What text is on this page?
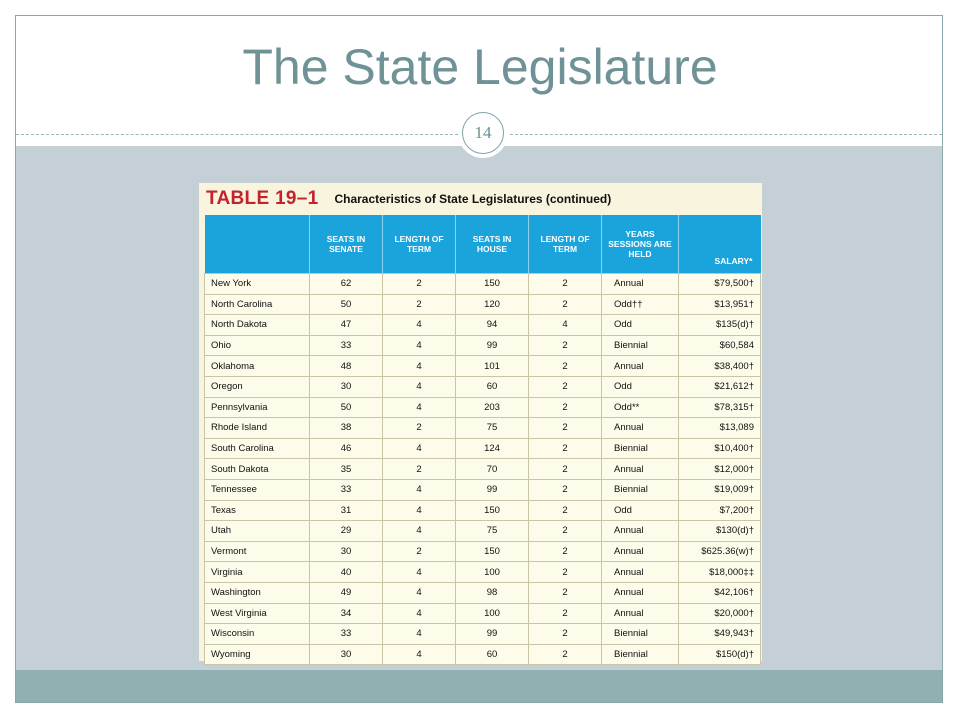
The State Legislature
14
TABLE 19–1 Characteristics of State Legislatures (continued)
	SEATS IN SENATE	LENGTH OF TERM	SEATS IN HOUSE	LENGTH OF TERM	YEARS SESSIONS ARE HELD	SALARY*
New York	62	2	150	2	Annual	$79,500†
North Carolina	50	2	120	2	Odd††	$13,951†
North Dakota	47	4	94	4	Odd	$135(d)†
Ohio	33	4	99	2	Biennial	$60,584
Oklahoma	48	4	101	2	Annual	$38,400†
Oregon	30	4	60	2	Odd	$21,612†
Pennsylvania	50	4	203	2	Odd**	$78,315†
Rhode Island	38	2	75	2	Annual	$13,089
South Carolina	46	4	124	2	Biennial	$10,400†
South Dakota	35	2	70	2	Annual	$12,000†
Tennessee	33	4	99	2	Biennial	$19,009†
Texas	31	4	150	2	Odd	$7,200†
Utah	29	4	75	2	Annual	$130(d)†
Vermont	30	2	150	2	Annual	$625.36(w)†
Virginia	40	4	100	2	Annual	$18,000‡‡
Washington	49	4	98	2	Annual	$42,106†
West Virginia	34	4	100	2	Annual	$20,000†
Wisconsin	33	4	99	2	Biennial	$49,943†
Wyoming	30	4	60	2	Biennial	$150(d)†
